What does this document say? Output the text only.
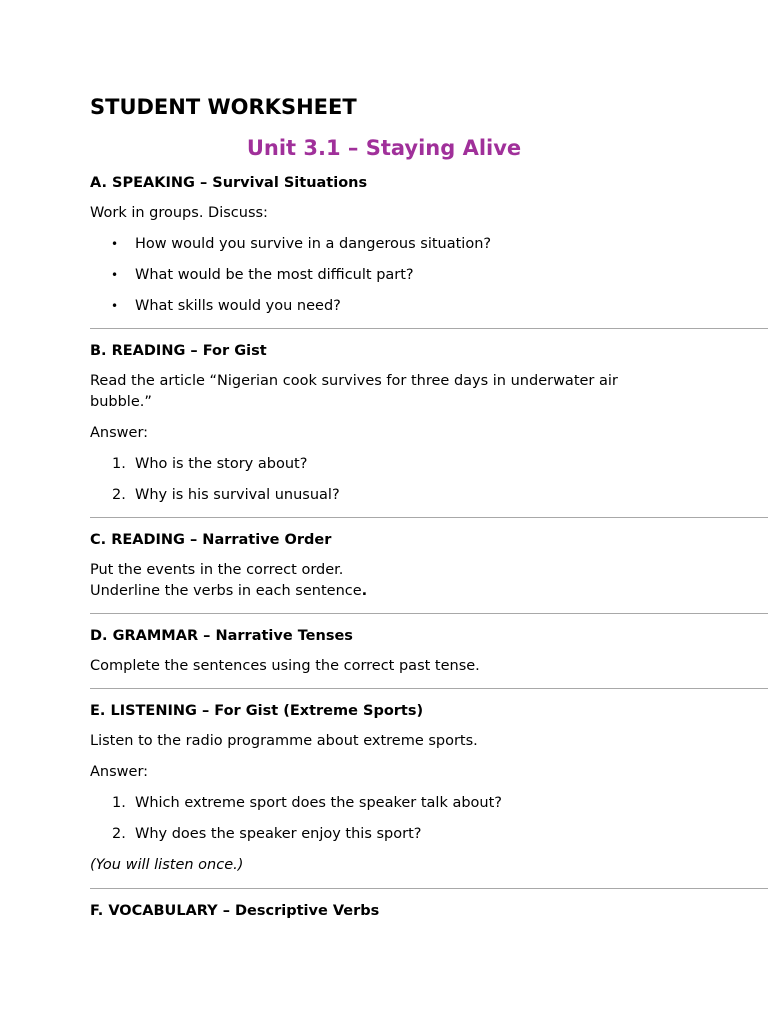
STUDENT WORKSHEET
Unit 3.1 – Staying Alive
A. SPEAKING – Survival Situations

Work in groups. Discuss:

• How would you survive in a dangerous situation?
• What would be the most difficult part?
• What skills would you need?
B. READING – For Gist

Read the article “Nigerian cook survives for three days in underwater air bubble.”

Answer:

1. Who is the story about?
2. Why is his survival unusual?
C. READING – Narrative Order

Put the events in the correct order.
Underline the verbs in each sentence.

D. GRAMMAR – Narrative Tenses

Complete the sentences using the correct past tense.

E. LISTENING – For Gist (Extreme Sports)

Listen to the radio programme about extreme sports.

Answer:

1. Which extreme sport does the speaker talk about?
2. Why does the speaker enjoy this sport?

(You will listen once.)

F. VOCABULARY – Descriptive Verbs
